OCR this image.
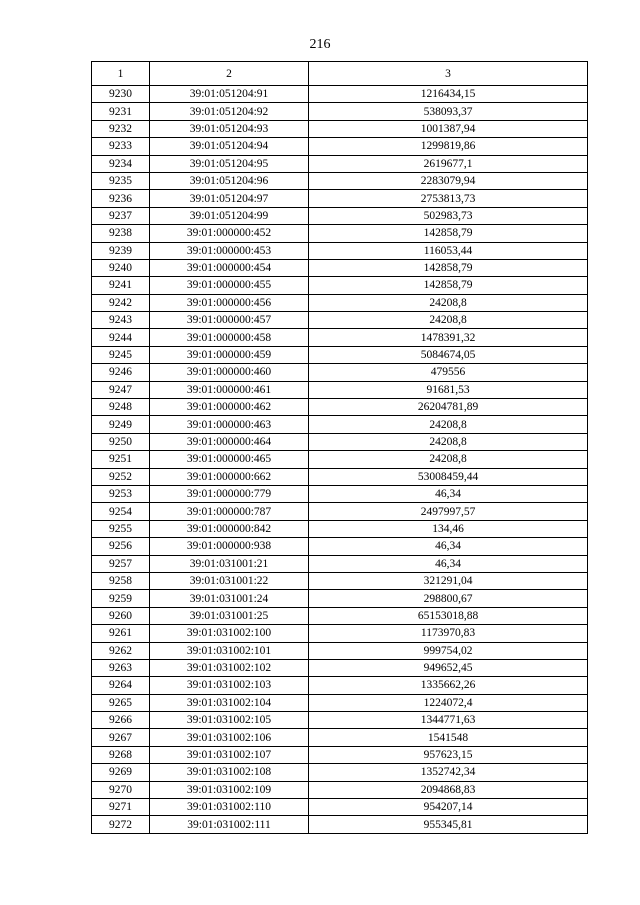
216
1	2	3
9230	39:01:051204:91	1216434,15
9231	39:01:051204:92	538093,37
9232	39:01:051204:93	1001387,94
9233	39:01:051204:94	1299819,86
9234	39:01:051204:95	2619677,1
9235	39:01:051204:96	2283079,94
9236	39:01:051204:97	2753813,73
9237	39:01:051204:99	502983,73
9238	39:01:000000:452	142858,79
9239	39:01:000000:453	116053,44
9240	39:01:000000:454	142858,79
9241	39:01:000000:455	142858,79
9242	39:01:000000:456	24208,8
9243	39:01:000000:457	24208,8
9244	39:01:000000:458	1478391,32
9245	39:01:000000:459	5084674,05
9246	39:01:000000:460	479556
9247	39:01:000000:461	91681,53
9248	39:01:000000:462	26204781,89
9249	39:01:000000:463	24208,8
9250	39:01:000000:464	24208,8
9251	39:01:000000:465	24208,8
9252	39:01:000000:662	53008459,44
9253	39:01:000000:779	46,34
9254	39:01:000000:787	2497997,57
9255	39:01:000000:842	134,46
9256	39:01:000000:938	46,34
9257	39:01:031001:21	46,34
9258	39:01:031001:22	321291,04
9259	39:01:031001:24	298800,67
9260	39:01:031001:25	65153018,88
9261	39:01:031002:100	1173970,83
9262	39:01:031002:101	999754,02
9263	39:01:031002:102	949652,45
9264	39:01:031002:103	1335662,26
9265	39:01:031002:104	1224072,4
9266	39:01:031002:105	1344771,63
9267	39:01:031002:106	1541548
9268	39:01:031002:107	957623,15
9269	39:01:031002:108	1352742,34
9270	39:01:031002:109	2094868,83
9271	39:01:031002:110	954207,14
9272	39:01:031002:111	955345,81
